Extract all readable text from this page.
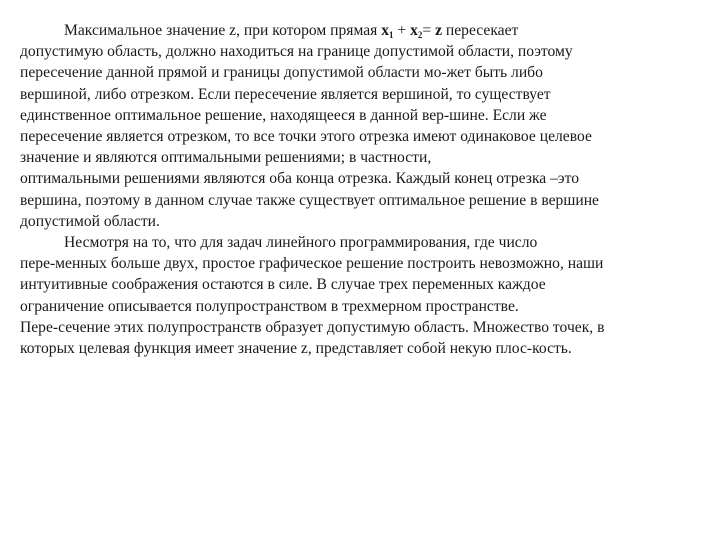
Максимальное значение z, при котором прямая $x_1 + x_2= z$ пересекает
допустимую область, должно находиться на границе допустимой области, поэтому
пересечение данной прямой и границы допустимой области мо-жет быть либо
вершиной, либо отрезком. Если пересечение является вершиной, то существует
единственное оптимальное решение, находящееся в данной вер-шине. Если же
пересечение является отрезком, то все точки этого отрезка имеют одинаковое целевое
значение и являются оптимальными решениями; в частности,
оптимальными решениями являются оба конца отрезка. Каждый конец отрезка –это
вершина, поэтому в данном случае также существует оптимальное решение в вершине
допустимой области.
Несмотря на то, что для задач линейного программирования, где число
пере-менных больше двух, простое графическое решение построить невозможно, наши
интуитивные соображения остаются в силе. В случае трех переменных каждое
ограничение описывается полупространством в трехмерном пространстве.
Пере-сечение этих полупространств образует допустимую область. Множество точек, в
которых целевая функция имеет значение z, представляет собой некую плос-кость.
